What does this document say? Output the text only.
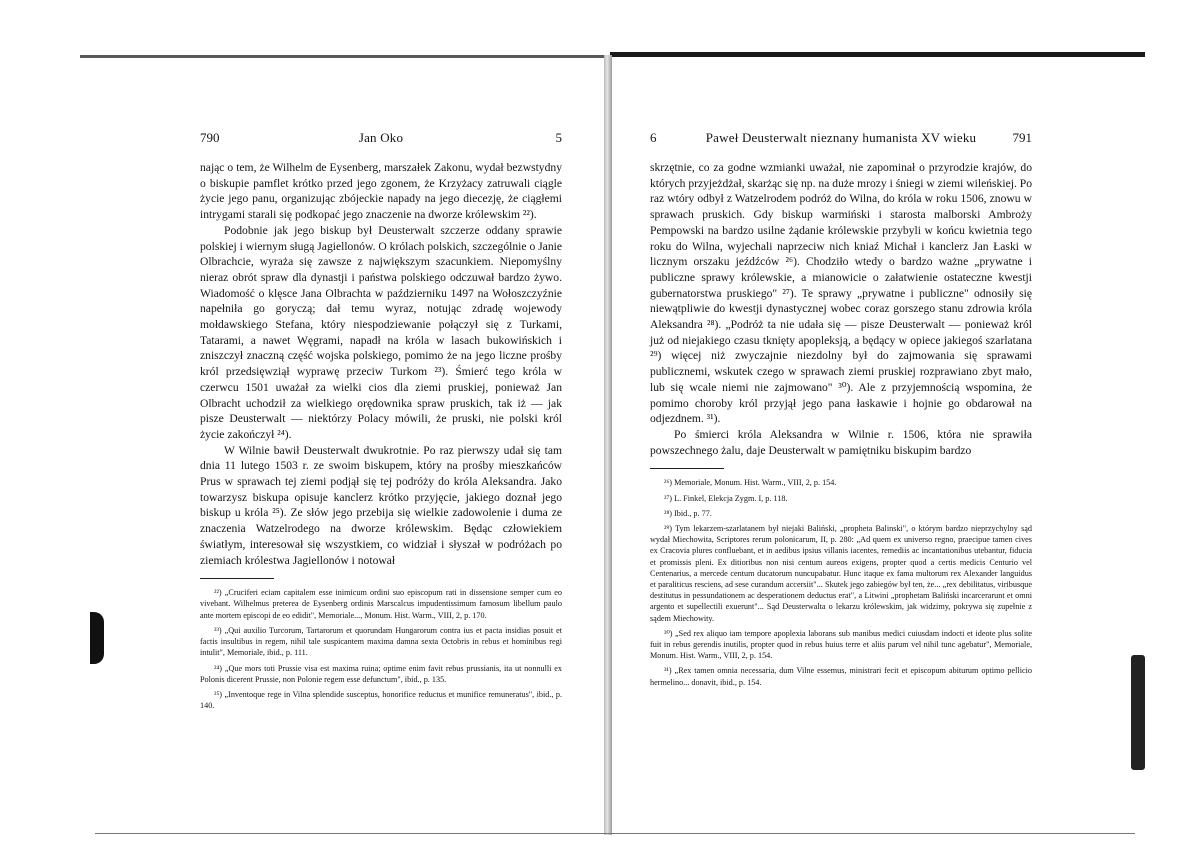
790	Jan Oko	5

nając o tem, że Wilhelm de Eysenberg, marszałek Zakonu, wydał bezwstydny o biskupie pamflet krótko przed jego zgonem, że Krzyżacy zatruwali ciągle życie jego panu, organizując zbójeckie napady na jego diecezję, że ciągłemi intrygami starali się podkopać jego znaczenie na dworze królewskim ²²).

Podobnie jak jego biskup był Deusterwalt szczerze oddany sprawie polskiej i wiernym sługą Jagiellonów. O królach polskich, szczególnie o Janie Olbrachcie, wyraża się zawsze z największym szacunkiem. Niepomyślny nieraz obrót spraw dla dynastji i państwa polskiego odczuwał bardzo żywo. Wiadomość o klęsce Jana Olbrachta w październiku 1497 na Wołoszczyźnie napełniła go goryczą; dał temu wyraz, notując zdradę wojewody mołdawskiego Stefana, który niespodziewanie połączył się z Turkami, Tatarami, a nawet Węgrami, napadł na króla w lasach bukowińskich i zniszczył znaczną część wojska polskiego, pomimo że na jego liczne prośby król przedsięwziął wyprawę przeciw Turkom ²³). Śmierć tego króla w czerwcu 1501 uważał za wielki cios dla ziemi pruskiej, ponieważ Jan Olbracht uchodził za wielkiego orędownika spraw pruskich, tak iż — jak pisze Deusterwalt — niektórzy Polacy mówili, że pruski, nie polski król życie zakończył ²⁴).

W Wilnie bawił Deusterwalt dwukrotnie. Po raz pierwszy udał się tam dnia 11 lutego 1503 r. ze swoim biskupem, który na prośby mieszkańców Prus w sprawach tej ziemi podjął się tej podróży do króla Aleksandra. Jako towarzysz biskupa opisuje kanclerz krótko przyjęcie, jakiego doznał jego biskup u króla ²⁵). Ze słów jego przebija się wielkie zadowolenie i duma ze znaczenia Watzelrodego na dworze królewskim. Będąc człowiekiem światłym, interesował się wszystkiem, co widział i słyszał w podróżach po ziemiach królestwa Jagiellonów i notował

²²) „Cruciferi eciam capitalem esse inimicum ordini suo episcopum rati in dissensione semper cum eo vivebant. Wilhelmus preterea de Eysenberg ordinis Marscalcus impudentissimum famosum libellum paulo ante mortem episcopi de eo edidit", Memoriale..., Monum. Hist. Warm., VIII, 2, p. 170.

²³) „Qui auxilio Turcorum, Tartarorum et quorundam Hungarorum contra ius et pacta insidias posuit et factis insultibus in regem, nihil tale suspicantem maxima damna sexta Octobris in rebus et hominibus regi intulit", Memoriale, ibid., p. 111.

²⁴) „Que mors toti Prussie visa est maxima ruina; optime enim favit rebus prussianis, ita ut nonnulli ex Polonis dicerent Prussie, non Polonie regem esse defunctum", ibid., p. 135.

²⁵) „Inventoque rege in Vilna splendide susceptus, honorifice reductus et munifice remuneratus", ibid., p. 140.

6	Paweł Deusterwalt nieznany humanista XV wieku	791

skrzętnie, co za godne wzmianki uważał, nie zapominał o przyrodzie krajów, do których przyjeżdżał, skarżąc się np. na duże mrozy i śniegi w ziemi wileńskiej. Po raz wtóry odbył z Watzelrodem podróż do Wilna, do króla w roku 1506, znowu w sprawach pruskich. Gdy biskup warmiński i starosta malborski Ambroży Pempowski na bardzo usilne żądanie królewskie przybyli w końcu kwietnia tego roku do Wilna, wyjechali naprzeciw nich kniaź Michał i kanclerz Jan Łaski w licznym orszaku jeźdźców ²⁶). Chodziło wtedy o bardzo ważne „prywatne i publiczne sprawy królewskie, a mianowicie o załatwienie ostateczne kwestji gubernatorstwa pruskiego" ²⁷). Te sprawy „prywatne i publiczne" odnosiły się niewątpliwie do kwestji dynastycznej wobec coraz gorszego stanu zdrowia króla Aleksandra ²⁸). „Podróż ta nie udała się — pisze Deusterwalt — ponieważ król już od niejakiego czasu tknięty apopleksją, a będący w opiece jakiegoś szarlatana ²⁹) więcej niż zwyczajnie niezdolny był do zajmowania się sprawami publicznemi, wskutek czego w sprawach ziemi pruskiej rozprawiano zbyt mało, lub się wcale niemi nie zajmowano" ³⁰). Ale z przyjemnością wspomina, że pomimo choroby król przyjął jego pana łaskawie i hojnie go obdarował na odjezdnem. ³¹).

Po śmierci króla Aleksandra w Wilnie r. 1506, która nie sprawiła powszechnego żalu, daje Deusterwalt w pamiętniku biskupim bardzo

²⁶) Memoriale, Monum. Hist. Warm., VIII, 2, p. 154.

²⁷) L. Finkel, Elekcja Zygm. I, p. 118.

²⁸) Ibid., p. 77.

²⁹) Tym lekarzem-szarlatanem był niejaki Baliński, „propheta Balinski", o którym bardzo nieprzychylny sąd wydał Miechowita, Scriptores rerum polonicarum, II, p. 280: „Ad quem ex universo regno, praecipue tamen cives ex Cracovia plures confluebant, et in aedibus ipsius villanis iacentes, remediis ac incantationibus utebantur, fiducia et promissis pleni. Ex ditioribus non nisi centum aureos exigens, propter quod a certis medicis Centurio vel Centenarius, a mercede centum ducatorum nuncupabatur. Hunc itaque ex fama multorum rex Alexander languidus et paraliticus resciens, ad sese curandum accersiit"... Skutek jego zabiegów był ten, że... „rex debilitatus, viribusque destitutus in pessundationem ac desperationem deductus erat", a Litwini „prophetam Baliński incarcerarunt et omni argento et supellectili exuerunt"... Sąd Deusterwalta o lekarzu królewskim, jak widzimy, pokrywa się zupełnie z sądem Miechowity.

³⁰) „Sed rex aliquo iam tempore apoplexia laborans sub manibus medici cuiusdam indocti et ideote plus solite fuit in rebus gerendis inutilis, propter quod in rebus huius terre et aliis parum vel nihil tunc agebatur", Memoriale, Monum. Hist. Warm., VIII, 2, p. 154.

³¹) „Rex tamen omnia necessaria, dum Vilne essemus, ministrari fecit et episcopum abiturum optimo pellicio hermelino... donavit, ibid., p. 154.
